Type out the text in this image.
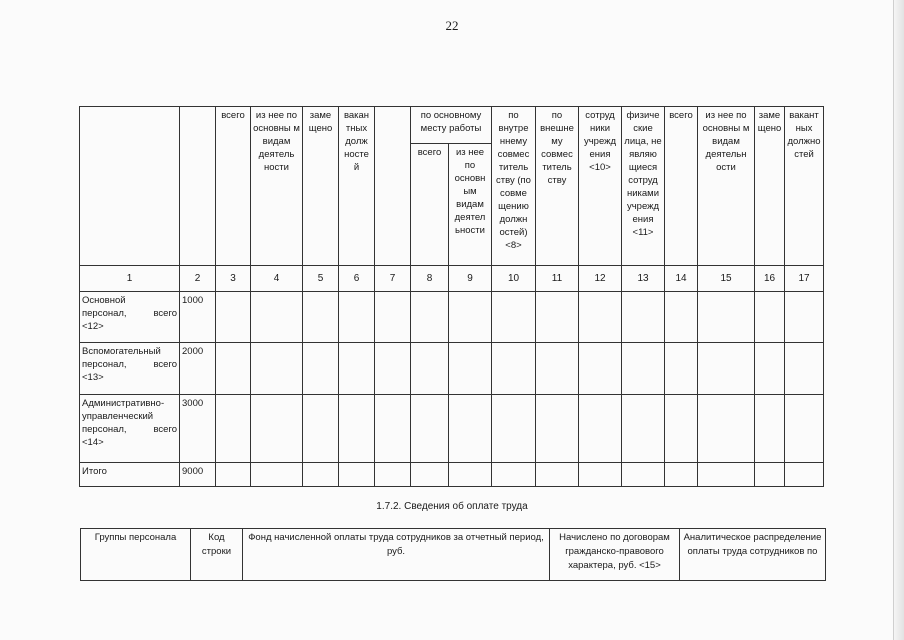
22
		всего	из нее по основны м видам деятель ности	заме щено	вакан тных долж носте й		по основному месту работы		по внутре ннему совмес титель ству (по совме щению должн остей) <8>	по внешне му совмес титель ству	сотруд ники учрежд ения <10>	физиче ские лица, не являю щиеся сотруд никами учрежд ения <11>	всего	из нее по основны м видам деятельн ости	заме щено	вакант ных должно стей
							всего	из нее по основн ым видам деятел ьности								
1	2	3	4	5	6	7	8	9	10	11	12	13	14	15	16	17

Основной
персонал, всего
<12>	1000															

Вспомогательный
персонал, всего
<13>	2000															

Административно-
управленческий
персонал, всего
<14>	3000															

Итого	9000															
1.7.2. Сведения об оплате труда
Группы персонала	Код строки	Фонд начисленной оплаты труда сотрудников за отчетный период, руб.	Начислено по договорам гражданско-правового характера, руб. <15>	Аналитическое распределение оплаты труда сотрудников по
